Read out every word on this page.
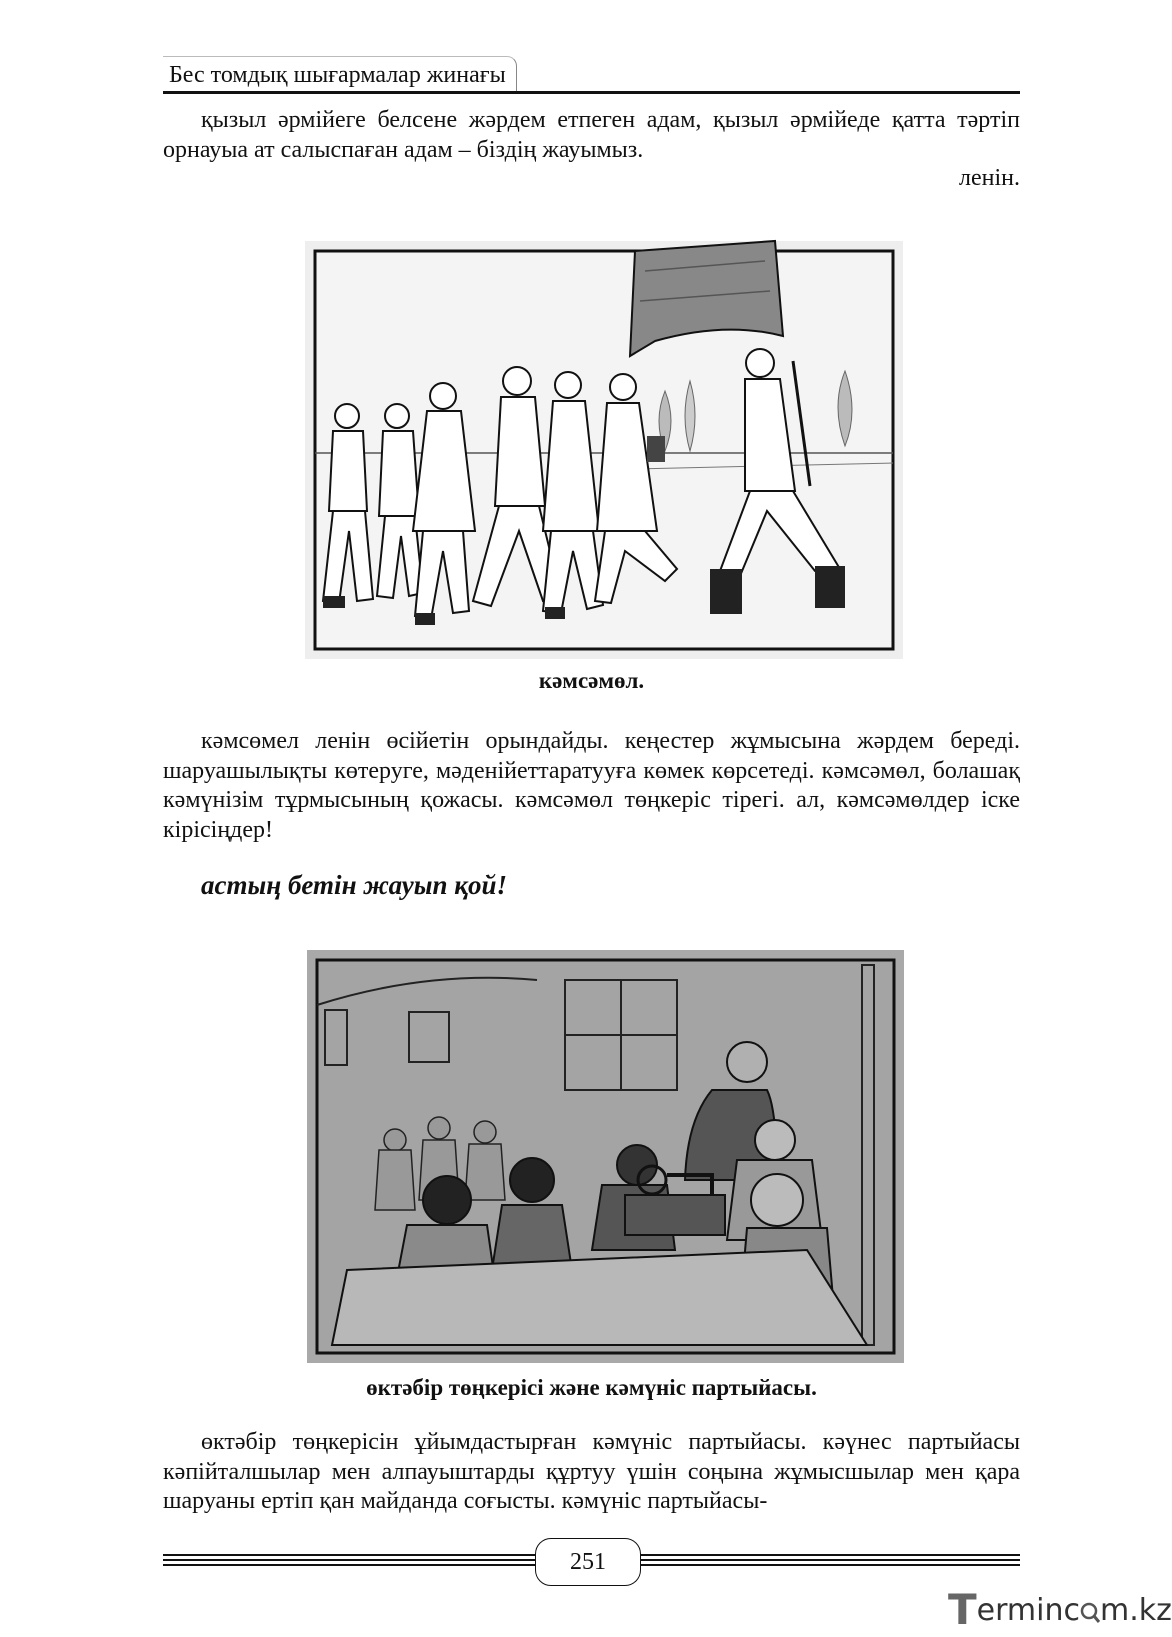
Бес томдық шығармалар жинағы
қызыл әрмійеге белсене жәрдем етпеген адам, қызыл әрмійеде қатта тәртіп орнауыа ат салыспаған адам – біздің жауымыз.
ленін.
кәмсәмөл.
кәмсөмел ленін өсійетін орындайды. кеңестер жұмысына жәрдем береді. шаруашылықты көтеруге, мәденійеттаратууға көмек көрсетеді. кәмсәмөл, болашақ кәмүнізім тұрмысының қожасы. кәмсәмөл төңкеріс тірегі. ал, кәмсәмөлдер іске кірісіңдер!
астың бетін жауып қой!
өктәбір төңкерісі және кәмүніс партыйасы.
өктәбір төңкерісін ұйымдастырған кәмүніс партыйасы. кәүнес партыйасы кәпійталшылар мен алпауыштарды құртуу үшін соңына жұмысшылар мен қара шаруаны ертіп қан майданда соғысты. кәмүніс партыйасы-
251
Terminc m.kz
